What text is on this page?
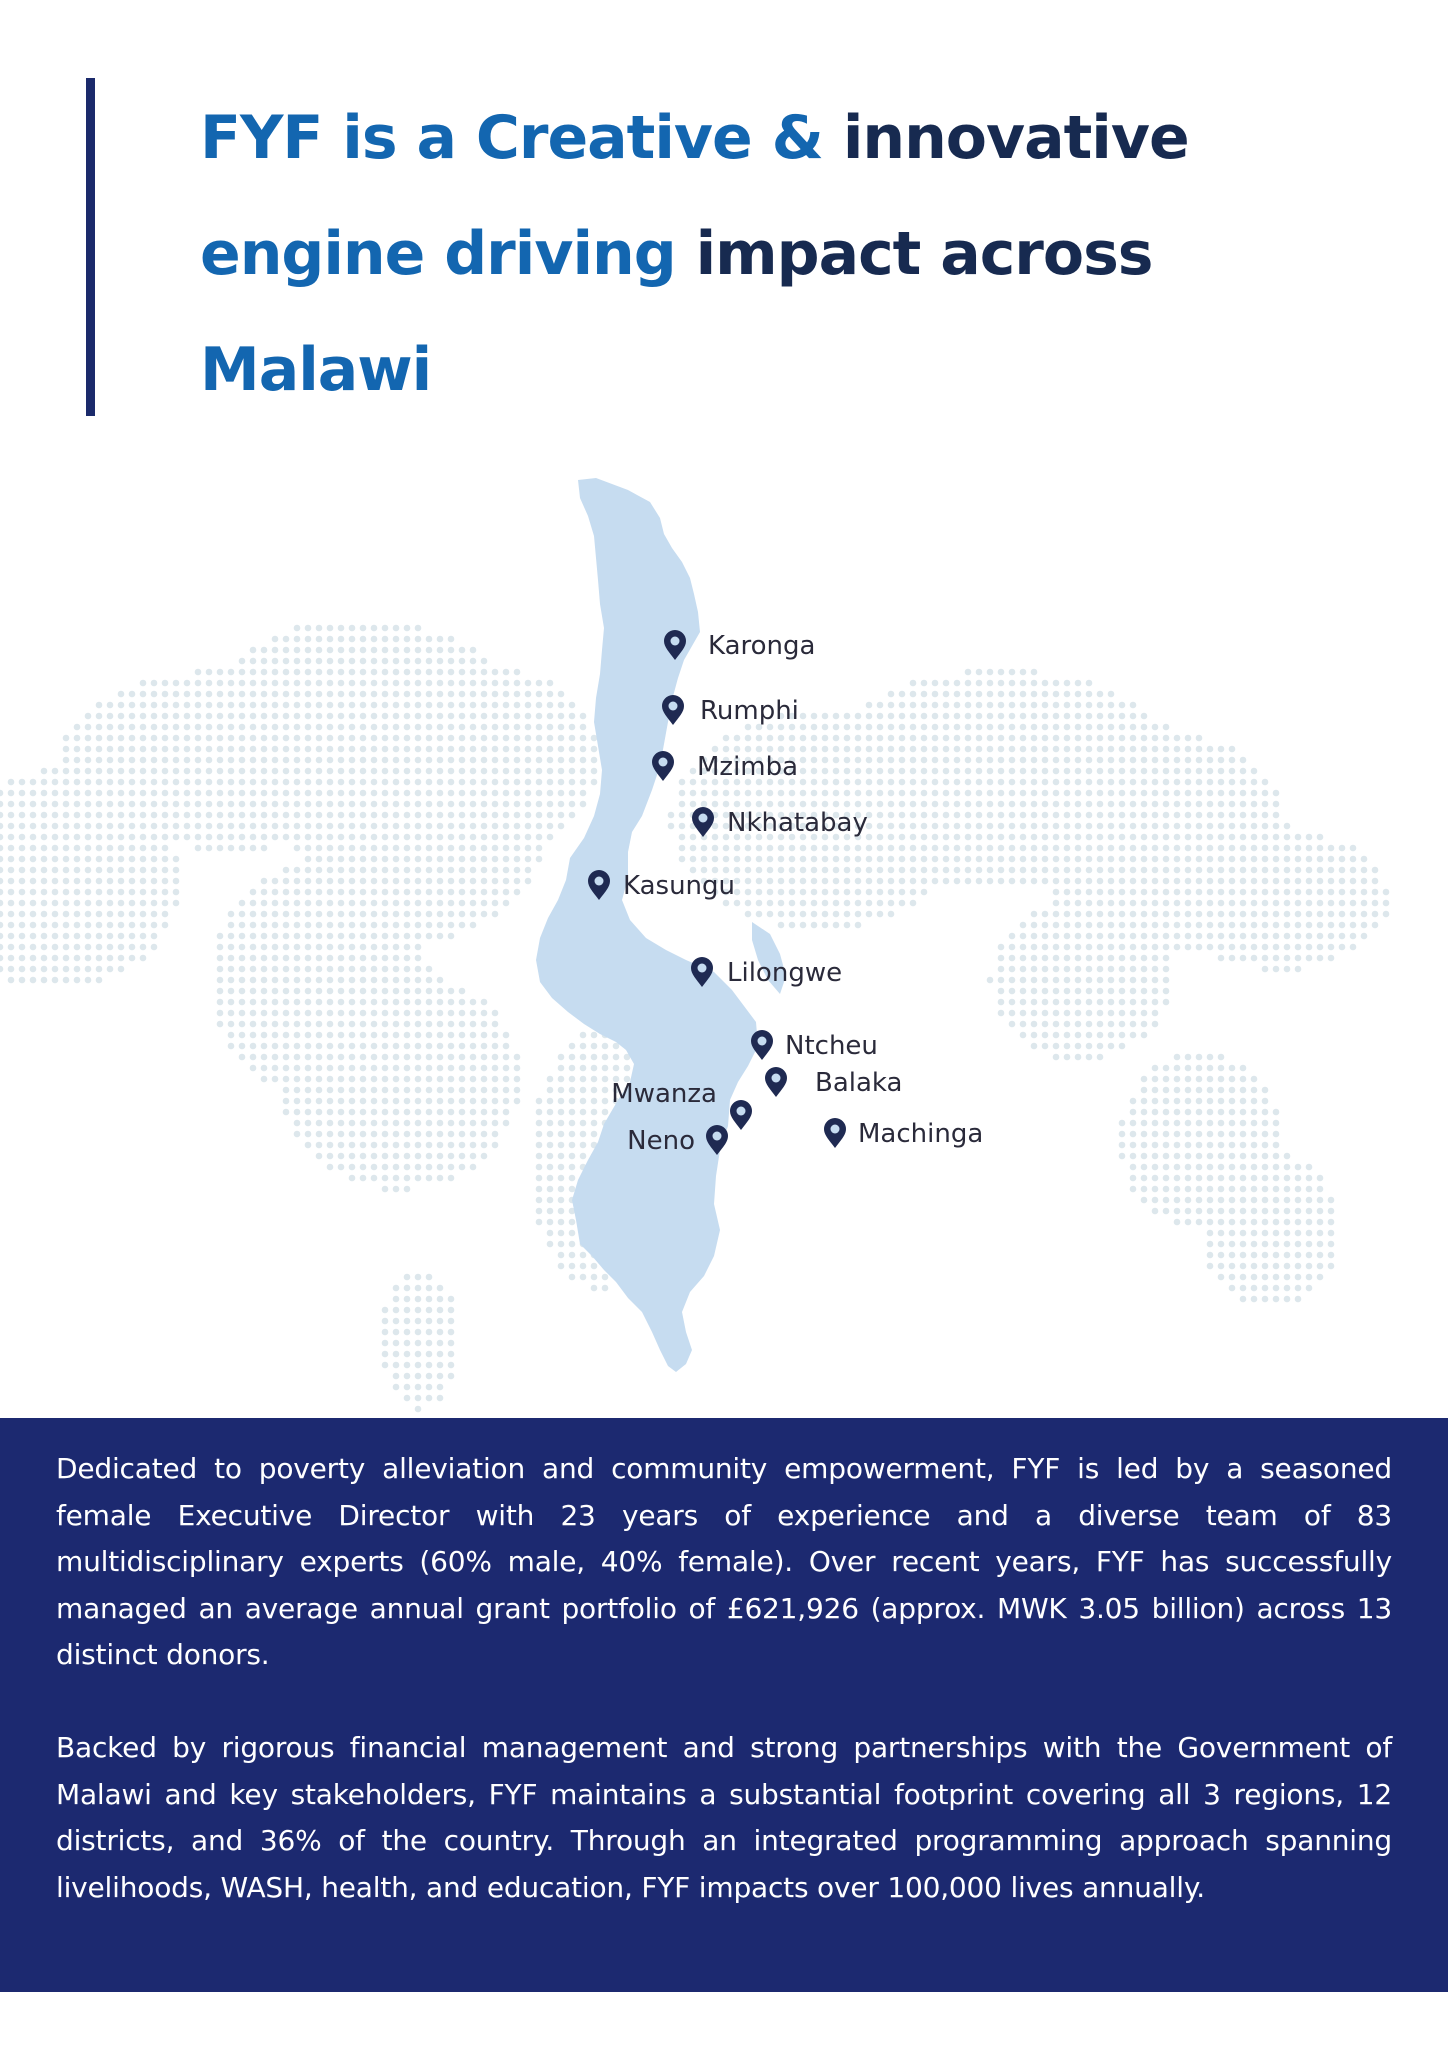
FYF is a Creative & innovative
engine driving impact across
Malawi
Karonga
Rumphi
Mzimba
Nkhatabay
Kasungu
Lilongwe
Ntcheu
Balaka
Mwanza
Neno	Machinga

Dedicated to poverty alleviation and community empowerment, FYF is led by a seasoned female Executive Director with 23 years of experience and a diverse team of 83 multidisciplinary experts (60% male, 40% female). Over recent years, FYF has successfully managed an average annual grant portfolio of £621,926 (approx. MWK 3.05 billion) across 13 distinct donors.

Backed by rigorous financial management and strong partnerships with the Government of Malawi and key stakeholders, FYF maintains a substantial footprint covering all 3 regions, 12 districts, and 36% of the country. Through an integrated programming approach spanning livelihoods, WASH, health, and education, FYF impacts over 100,000 lives annually.
